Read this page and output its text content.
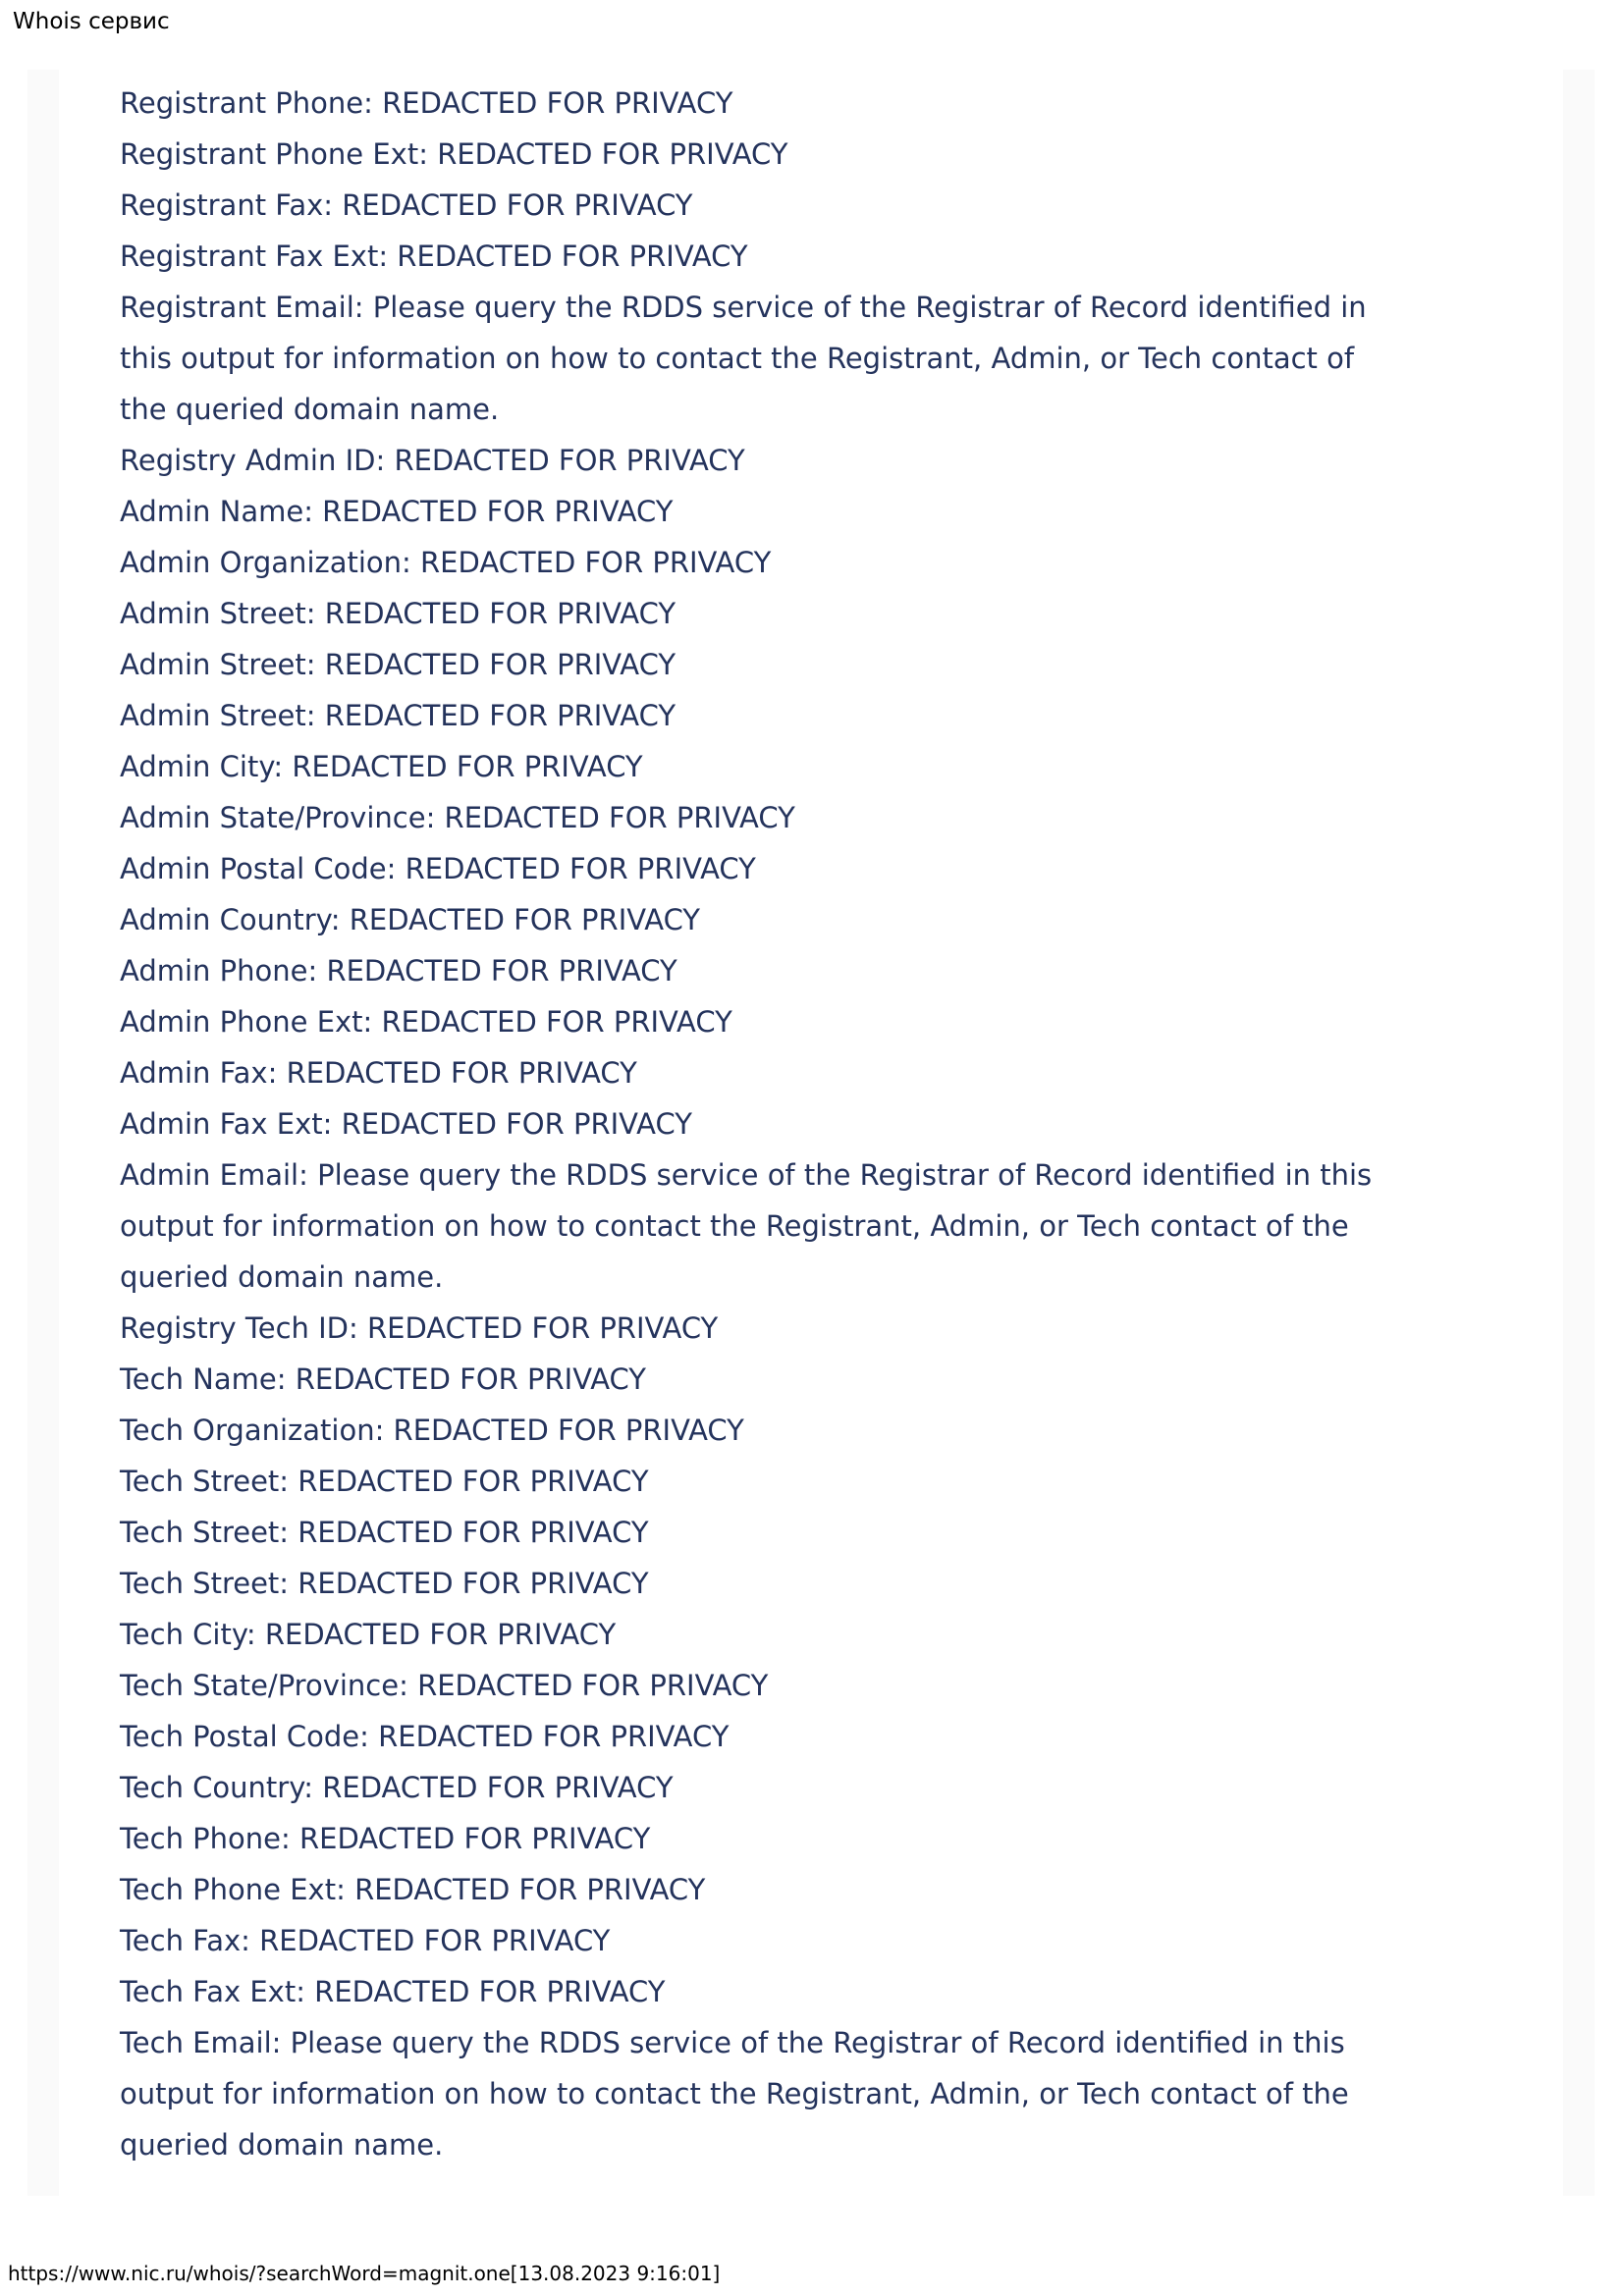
Whois сервис
Registrant Phone: REDACTED FOR PRIVACY
Registrant Phone Ext: REDACTED FOR PRIVACY
Registrant Fax: REDACTED FOR PRIVACY
Registrant Fax Ext: REDACTED FOR PRIVACY
Registrant Email: Please query the RDDS service of the Registrar of Record identified in
this output for information on how to contact the Registrant, Admin, or Tech contact of
the queried domain name.
Registry Admin ID: REDACTED FOR PRIVACY
Admin Name: REDACTED FOR PRIVACY
Admin Organization: REDACTED FOR PRIVACY
Admin Street: REDACTED FOR PRIVACY
Admin Street: REDACTED FOR PRIVACY
Admin Street: REDACTED FOR PRIVACY
Admin City: REDACTED FOR PRIVACY
Admin State/Province: REDACTED FOR PRIVACY
Admin Postal Code: REDACTED FOR PRIVACY
Admin Country: REDACTED FOR PRIVACY
Admin Phone: REDACTED FOR PRIVACY
Admin Phone Ext: REDACTED FOR PRIVACY
Admin Fax: REDACTED FOR PRIVACY
Admin Fax Ext: REDACTED FOR PRIVACY
Admin Email: Please query the RDDS service of the Registrar of Record identified in this
output for information on how to contact the Registrant, Admin, or Tech contact of the
queried domain name.
Registry Tech ID: REDACTED FOR PRIVACY
Tech Name: REDACTED FOR PRIVACY
Tech Organization: REDACTED FOR PRIVACY
Tech Street: REDACTED FOR PRIVACY
Tech Street: REDACTED FOR PRIVACY
Tech Street: REDACTED FOR PRIVACY
Tech City: REDACTED FOR PRIVACY
Tech State/Province: REDACTED FOR PRIVACY
Tech Postal Code: REDACTED FOR PRIVACY
Tech Country: REDACTED FOR PRIVACY
Tech Phone: REDACTED FOR PRIVACY
Tech Phone Ext: REDACTED FOR PRIVACY
Tech Fax: REDACTED FOR PRIVACY
Tech Fax Ext: REDACTED FOR PRIVACY
Tech Email: Please query the RDDS service of the Registrar of Record identified in this
output for information on how to contact the Registrant, Admin, or Tech contact of the
queried domain name.
https://www.nic.ru/whois/?searchWord=magnit.one[13.08.2023 9:16:01]
